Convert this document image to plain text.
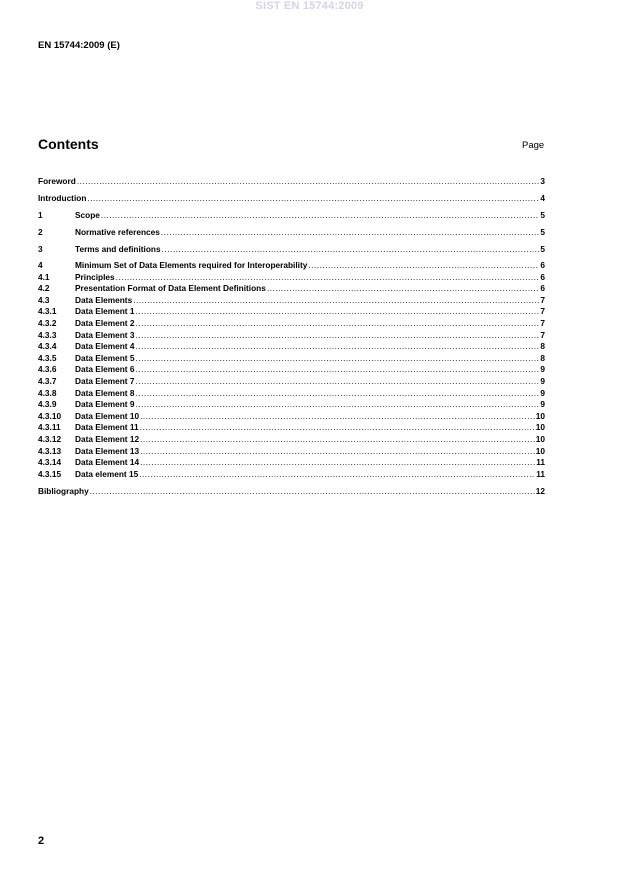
SIST EN 15744:2009
EN 15744:2009 (E)
Contents	Page
Foreword .....	3
Introduction .....	4
1	Scope .....	5
2	Normative references .....	5
3	Terms and definitions .....	5
4	Minimum Set of Data Elements required for Interoperability .....	6
4.1	Principles .....	6
4.2	Presentation Format of Data Element Definitions .....	6
4.3	Data Elements .....	7
4.3.1	Data Element 1 .....	7
4.3.2	Data Element 2 .....	7
4.3.3	Data Element 3 .....	7
4.3.4	Data Element 4 .....	8
4.3.5	Data Element 5 .....	8
4.3.6	Data Element 6 .....	9
4.3.7	Data Element 7 .....	9
4.3.8	Data Element 8 .....	9
4.3.9	Data Element 9 .....	9
4.3.10	Data Element 10 .....	10
4.3.11	Data Element 11 .....	10
4.3.12	Data Element 12 .....	10
4.3.13	Data Element 13 .....	10
4.3.14	Data Element 14 .....	11
4.3.15	Data element 15 .....	11
Bibliography .....	12
2
